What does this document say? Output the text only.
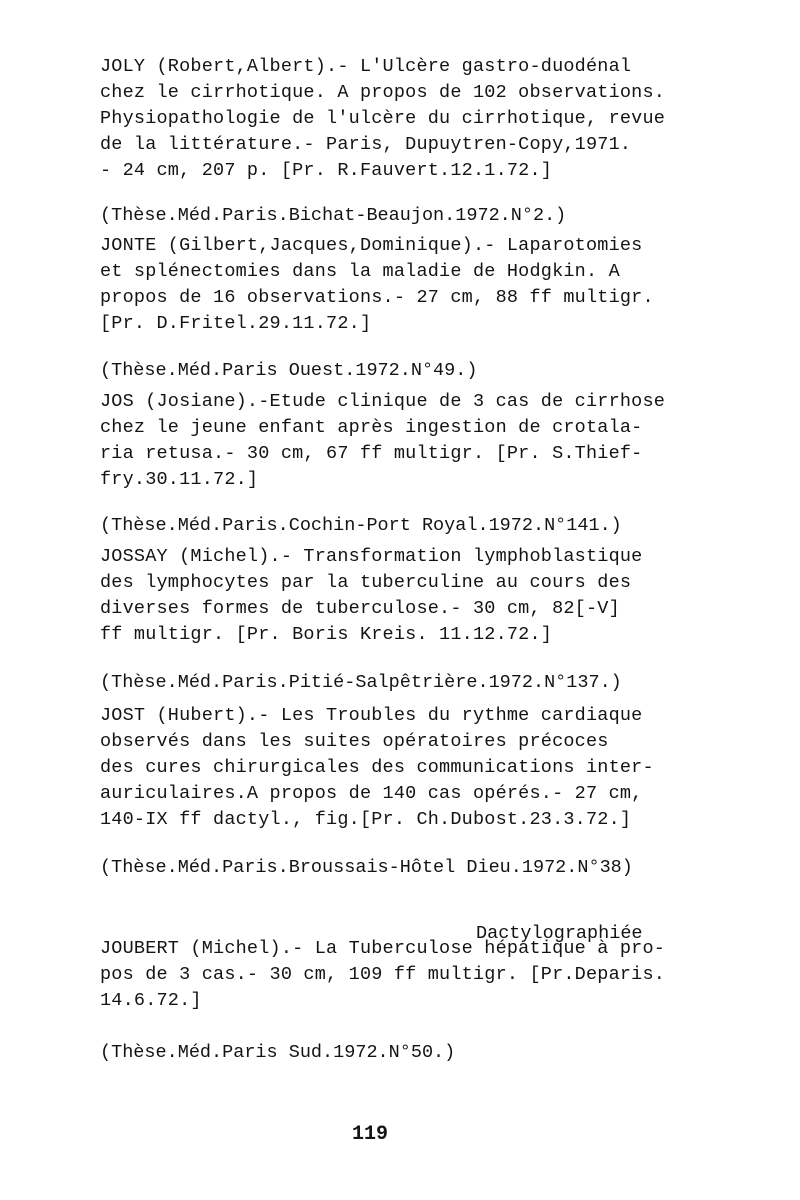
JOLY (Robert,Albert).- L'Ulcère gastro-duodénal
chez le cirrhotique. A propos de 102 observations.
Physiopathologie de l'ulcère du cirrhotique, revue
de la littérature.- Paris, Dupuytren-Copy,1971.
- 24 cm, 207 p. [Pr. R.Fauvert.12.1.72.]

(Thèse.Méd.Paris.Bichat-Beaujon.1972.N°2.)

JONTE (Gilbert,Jacques,Dominique).- Laparotomies
et splénectomies dans la maladie de Hodgkin. A
propos de 16 observations.- 27 cm, 88 ff multigr.
[Pr. D.Fritel.29.11.72.]

(Thèse.Méd.Paris Ouest.1972.N°49.)

JOS (Josiane).-Etude clinique de 3 cas de cirrhose
chez le jeune enfant après ingestion de crotala-
ria retusa.- 30 cm, 67 ff multigr. [Pr. S.Thief-
fry.30.11.72.]

(Thèse.Méd.Paris.Cochin-Port Royal.1972.N°141.)

JOSSAY (Michel).- Transformation lymphoblastique
des lymphocytes par la tuberculine au cours des
diverses formes de tuberculose.- 30 cm, 82[-V]
ff multigr. [Pr. Boris Kreis. 11.12.72.]

(Thèse.Méd.Paris.Pitié-Salpêtrière.1972.N°137.)

JOST (Hubert).- Les Troubles du rythme cardiaque
observés dans les suites opératoires précoces
des cures chirurgicales des communications inter-
auriculaires.A propos de 140 cas opérés.- 27 cm,
140-IX ff dactyl., fig.[Pr. Ch.Dubost.23.3.72.]

(Thèse.Méd.Paris.Broussais-Hôtel Dieu.1972.N°38)

Dactylographiée

JOUBERT (Michel).- La Tuberculose hépatique à pro-
pos de 3 cas.- 30 cm, 109 ff multigr. [Pr.Deparis.
14.6.72.]

(Thèse.Méd.Paris Sud.1972.N°50.)

119
